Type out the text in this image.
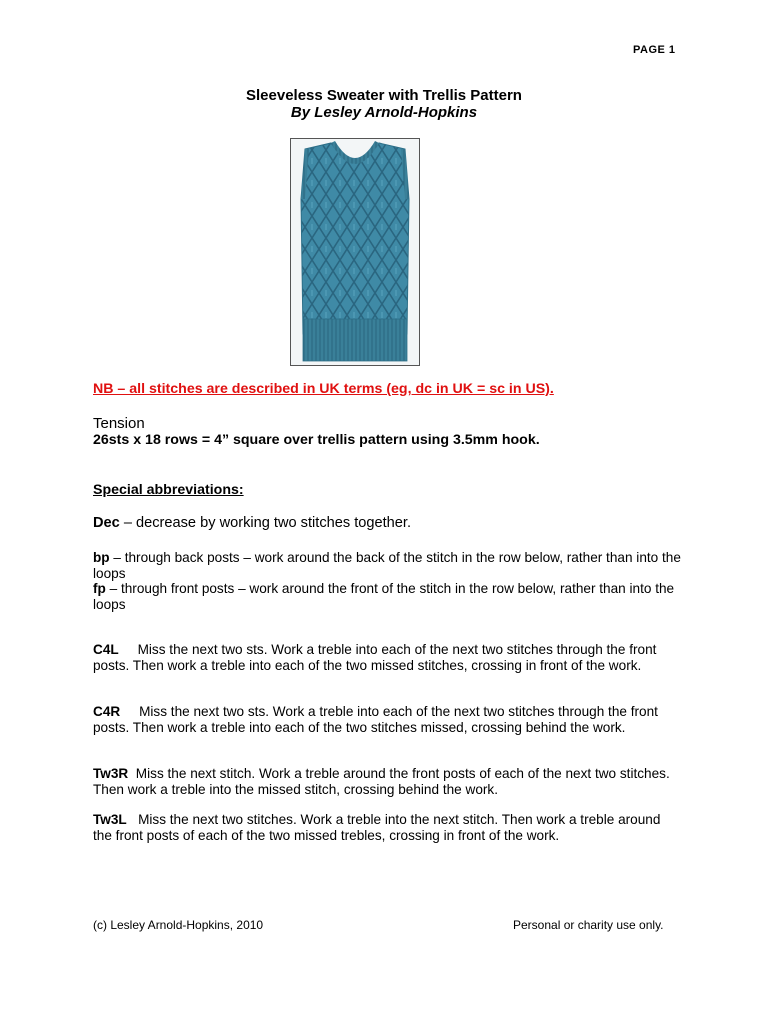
PAGE 1
Sleeveless Sweater with Trellis Pattern
By Lesley Arnold-Hopkins
NB – all stitches are described in UK terms (eg, dc in UK = sc in US).
Tension
26sts x 18 rows = 4” square over trellis pattern using 3.5mm hook.
Special abbreviations:
Dec – decrease by working two stitches together.
bp – through back posts – work around the back of the stitch in the row below, rather than into the loops
fp – through front posts – work around the front of the stitch in the row below, rather than into the loops
C4L     Miss the next two sts. Work a treble into each of the next two stitches through the front posts. Then work a treble into each of the two missed stitches, crossing in front of the work.
C4R     Miss the next two sts. Work a treble into each of the next two stitches through the front posts. Then work a treble into each of the two stitches missed, crossing behind the work.
Tw3R  Miss the next stitch. Work a treble around the front posts of each of the next two stitches. Then work a treble into the missed stitch, crossing behind the work.
Tw3L   Miss the next two stitches. Work a treble into the next stitch. Then work a treble around the front posts of each of the two missed trebles, crossing in front of the work.
(c) Lesley Arnold-Hopkins, 2010	Personal or charity use only.
